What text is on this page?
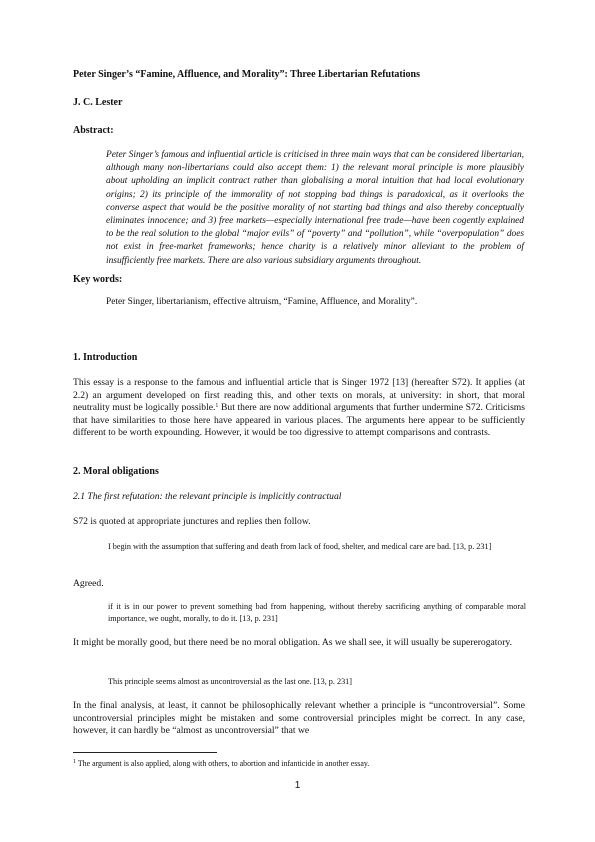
Peter Singer’s “Famine, Affluence, and Morality”: Three Libertarian Refutations

J. C. Lester

Abstract:

Peter Singer’s famous and influential article is criticised in three main ways that can be considered libertarian, although many non-libertarians could also accept them: 1) the relevant moral principle is more plausibly about upholding an implicit contract rather than globalising a moral intuition that had local evolutionary origins; 2) its principle of the immorality of not stopping bad things is paradoxical, as it overlooks the converse aspect that would be the positive morality of not starting bad things and also thereby conceptually eliminates innocence; and 3) free markets—especially international free trade—have been cogently explained to be the real solution to the global “major evils” of “poverty” and “pollution”, while “overpopulation” does not exist in free-market frameworks; hence charity is a relatively minor alleviant to the problem of insufficiently free markets. There are also various subsidiary arguments throughout.

Key words:

Peter Singer, libertarianism, effective altruism, “Famine, Affluence, and Morality”.

1. Introduction

This essay is a response to the famous and influential article that is Singer 1972 [13] (hereafter S72). It applies (at 2.2) an argument developed on first reading this, and other texts on morals, at university: in short, that moral neutrality must be logically possible.$^1$ But there are now additional arguments that further undermine S72. Criticisms that have similarities to those here have appeared in various places. The arguments here appear to be sufficiently different to be worth expounding. However, it would be too digressive to attempt comparisons and contrasts.

2. Moral obligations

2.1 The first refutation: the relevant principle is implicitly contractual

S72 is quoted at appropriate junctures and replies then follow.

I begin with the assumption that suffering and death from lack of food, shelter, and medical care are bad. [13, p. 231]

Agreed.

if it is in our power to prevent something bad from happening, without thereby sacrificing anything of comparable moral importance, we ought, morally, to do it. [13, p. 231]

It might be morally good, but there need be no moral obligation. As we shall see, it will usually be supererogatory.

This principle seems almost as uncontroversial as the last one. [13, p. 231]

In the final analysis, at least, it cannot be philosophically relevant whether a principle is “uncontroversial”. Some uncontroversial principles might be mistaken and some controversial principles might be correct. In any case, however, it can hardly be “almost as uncontroversial” that we

$^1$ The argument is also applied, along with others, to abortion and infanticide in another essay.

1
